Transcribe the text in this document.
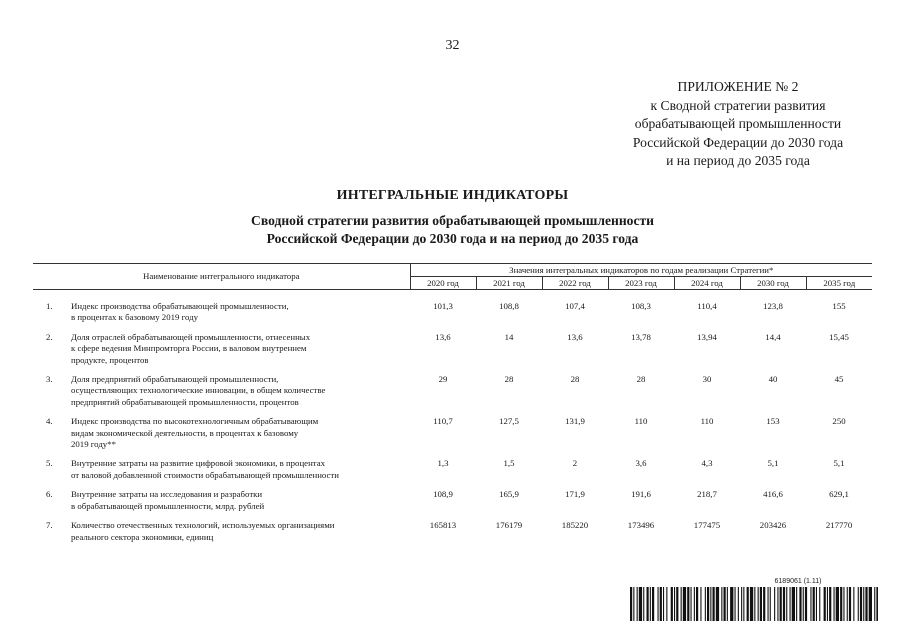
32
ПРИЛОЖЕНИЕ № 2
к Сводной стратегии развития
обрабатывающей промышленности
Российской Федерации до 2030 года
и на период до 2035 года
ИНТЕГРАЛЬНЫЕ ИНДИКАТОРЫ
Сводной стратегии развития обрабатывающей промышленности
Российской Федерации до 2030 года и на период до 2035 года
Наименование интегрального индикатора		Значения интегральных индикаторов по годам реализации Стратегии*						
		2020 год	2021 год	2022 год	2023 год	2024 год	2030 год	2035 год

1.	Индекс производства обрабатывающей промышленности,
в процентах к базовому 2019 году	101,3	108,8	107,4	108,3	110,4	123,8	155
2.	Доля отраслей обрабатывающей промышленности, отнесенных
к сфере ведения Минпромторга России, в валовом внутреннем
продукте, процентов	13,6	14	13,6	13,78	13,94	14,4	15,45
3.	Доля предприятий обрабатывающей промышленности,
осуществляющих технологические инновации, в общем количестве
предприятий обрабатывающей промышленности, процентов	29	28	28	28	30	40	45
4.	Индекс производства по высокотехнологичным обрабатывающим
видам экономической деятельности, в процентах к базовому
2019 году**	110,7	127,5	131,9	110	110	153	250
5.	Внутренние затраты на развитие цифровой экономики, в процентах
от валовой добавленной стоимости обрабатывающей промышленности	1,3	1,5	2	3,6	4,3	5,1	5,1
6.	Внутренние затраты на исследования и разработки
в обрабатывающей промышленности, млрд. рублей	108,9	165,9	171,9	191,6	218,7	416,6	629,1
7.	Количество отечественных технологий, используемых организациями
реального сектора экономики, единиц	165813	176179	185220	173496	177475	203426	217770
6189061 (1.11)
